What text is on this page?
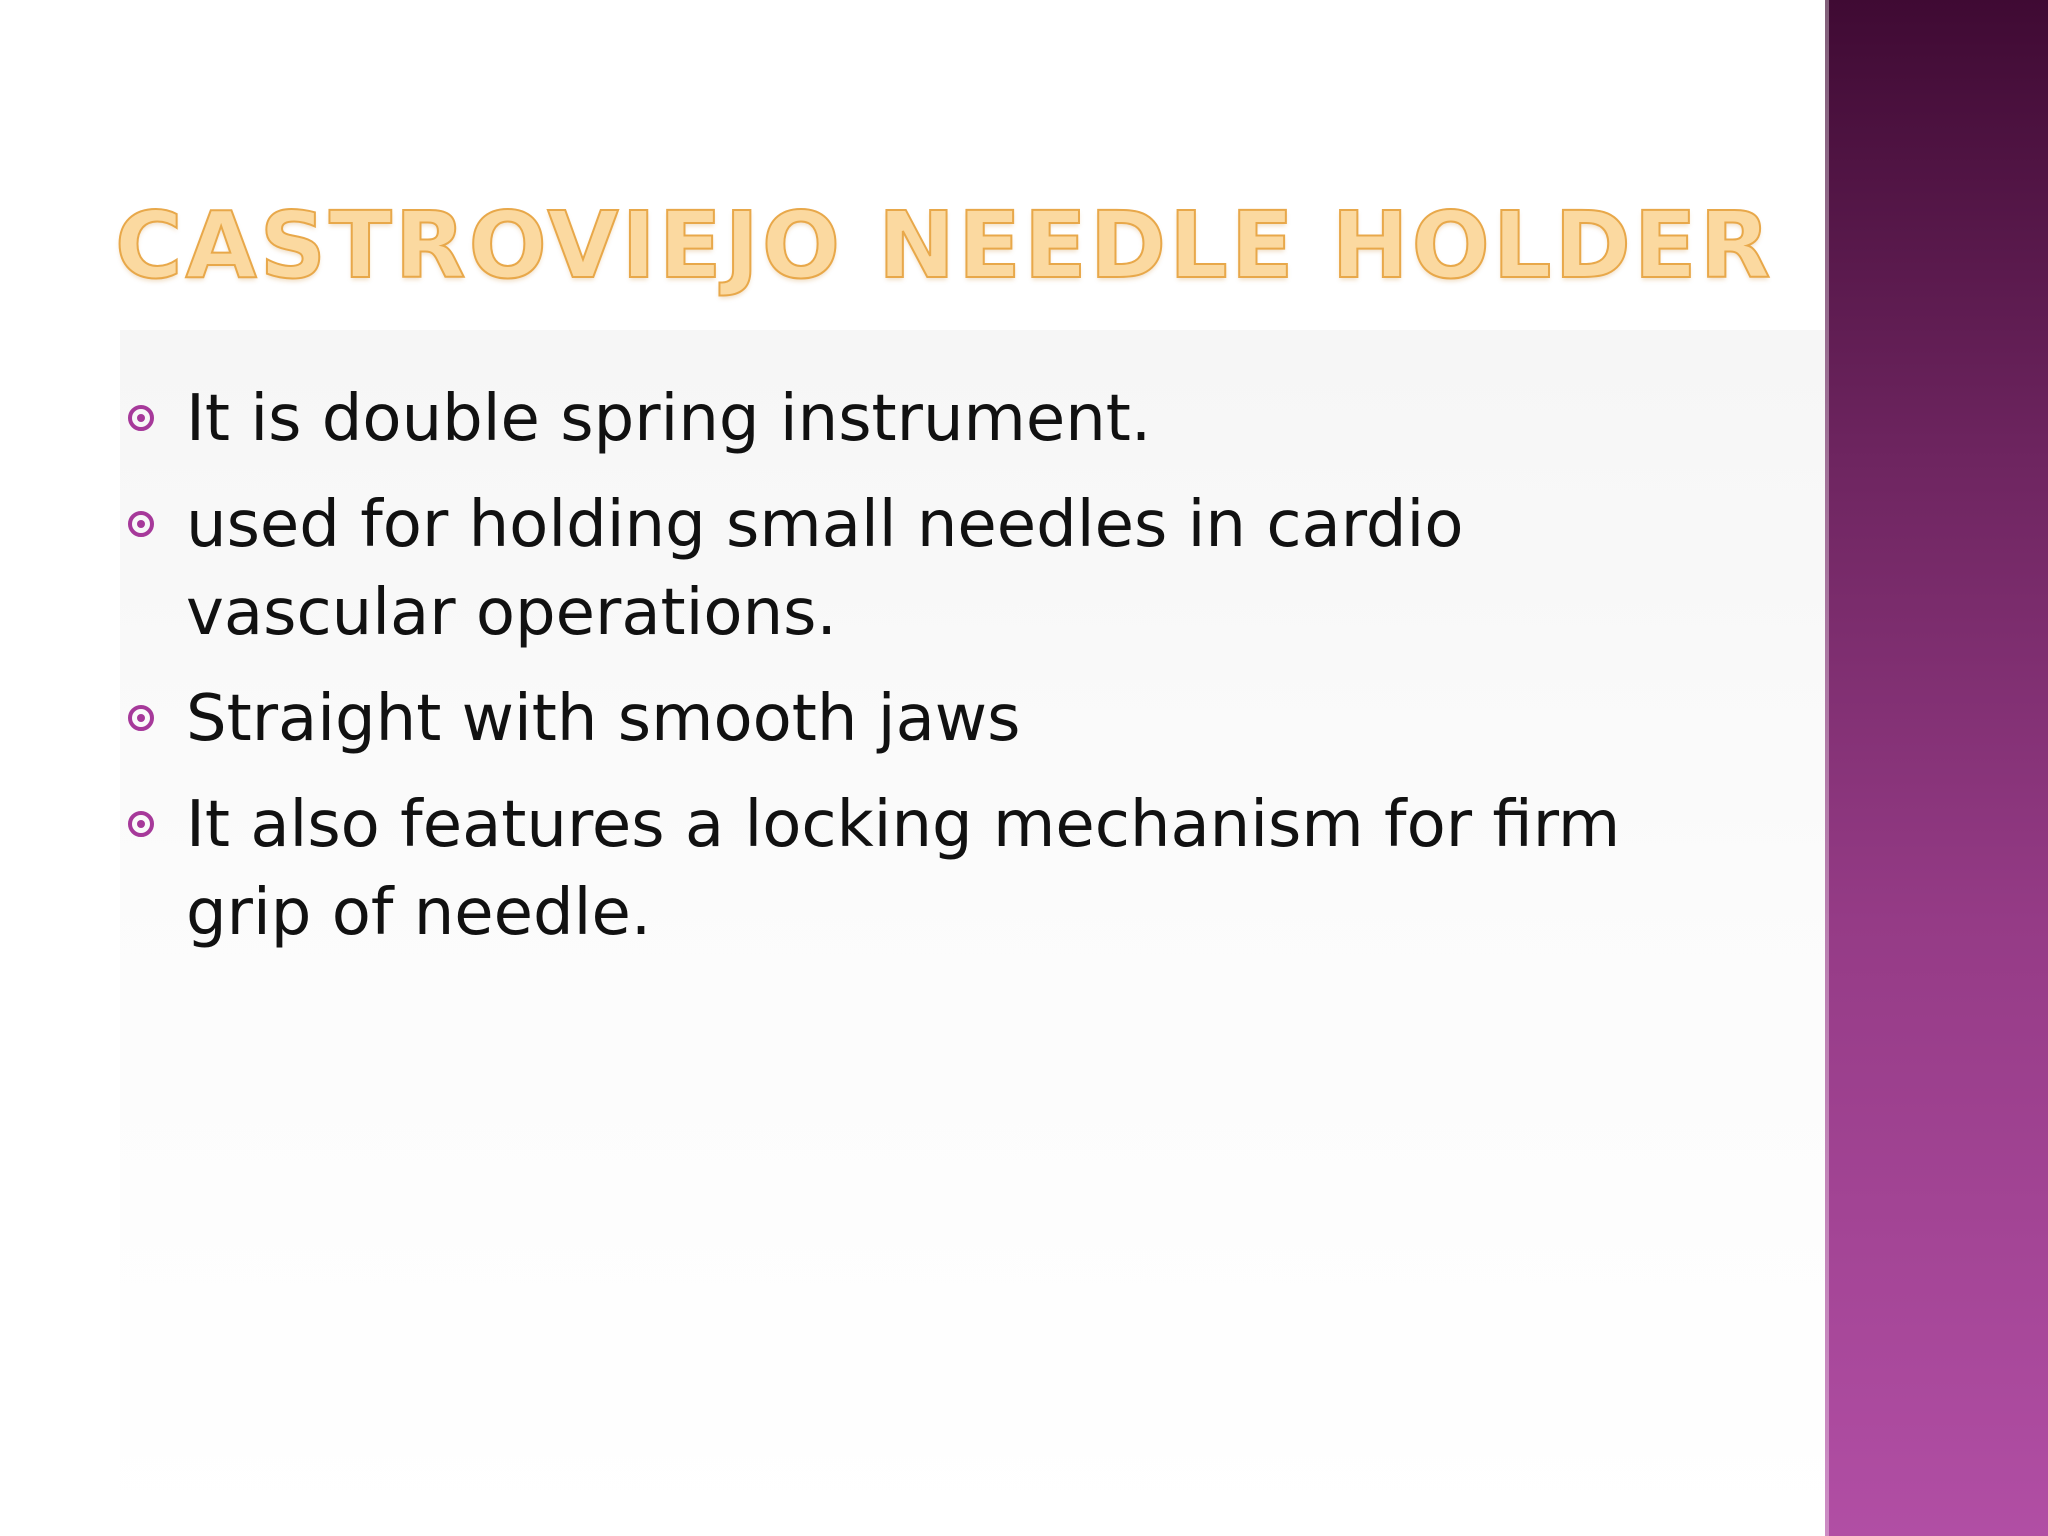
CASTROVIEJO NEEDLE HOLDER
It is double spring instrument.
used for holding small needles in cardio vascular operations.
Straight with smooth jaws
It also features a locking mechanism for firm grip of needle.
